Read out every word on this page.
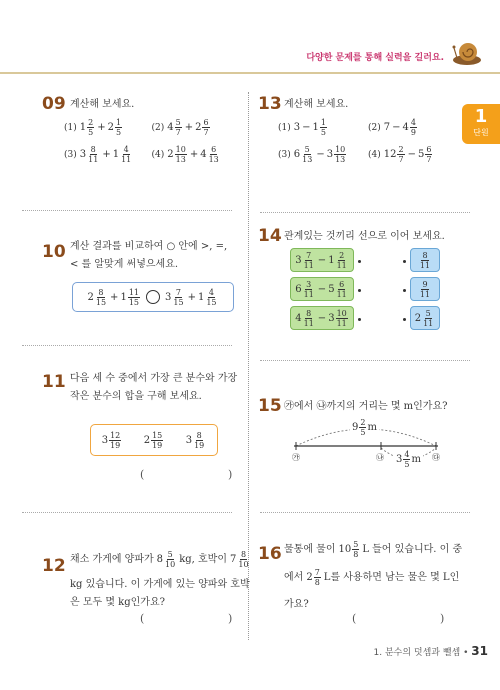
다양한 문제를 통해 실력을 길러요.
1
단원
09 계산해 보세요.
(1) $1 \frac{2}{5} + 2 \frac{1}{5}$	(2) $4 \frac{5}{7} + 2 \frac{6}{7}$
(3) $3 \frac{8}{11} + 1 \frac{4}{11} (4)$ $2 \frac{10}{13} + 4 \frac{6}{13}$
13 계산해 보세요.
(1) $3 - 1 \frac{1}{5}$	(2) $7 - 4 \frac{4}{9}$
(3) $6 \frac{5}{13} - 3 \frac{10}{13} (4)$ $12 \frac{2}{7} - 5 \frac{6}{7}$
10 계산 결과를 비교하여 ○ 안에 >, =,
< 를 알맞게 써넣으세요.
$2 \frac{8}{15} + 1 \frac{11}{15}$	$3 \frac{7}{15} + 1 \frac{4}{15}$
14 관계있는 것끼리 선으로 이어 보세요.
$3 \frac{7}{11} - 1 \frac{2}{11}$
$6 \frac{3}{11} - 5 \frac{6}{11}$
$4 \frac{8}{11} - 3 \frac{10}{11}$
$\frac{8}{11}$
$\frac{9}{11}$
$2 \frac{5}{11}$
11 다음 세 수 중에서 가장 큰 분수와 가장
작은 분수의 합을 구해 보세요.
$3 \frac{12}{19} 2 \frac{15}{19} 3 \frac{8}{19}$
(	)
15 ㉮에서 ㉯까지의 거리는 몇 m인가요?
$9 \frac{2}{5}$ m
$3 \frac{4}{5}$ m
㉮	㉯	㉰
12 채소 가게에 양파가 $8 \frac{5}{10}$ kg, 호박이 $7 \frac{8}{10}$
kg 있습니다. 이 가게에 있는 양파와 호박
은 모두 몇 kg인가요?
(	)
16 물통에 물이 $10 \frac{5}{8}$ L 들어 있습니다. 이 중
에서 $2 \frac{7}{8}$ L를 사용하면 남는 물은 몇 L인
가요?
(	)
1. 분수의 덧셈과 뺄셈 • 31
